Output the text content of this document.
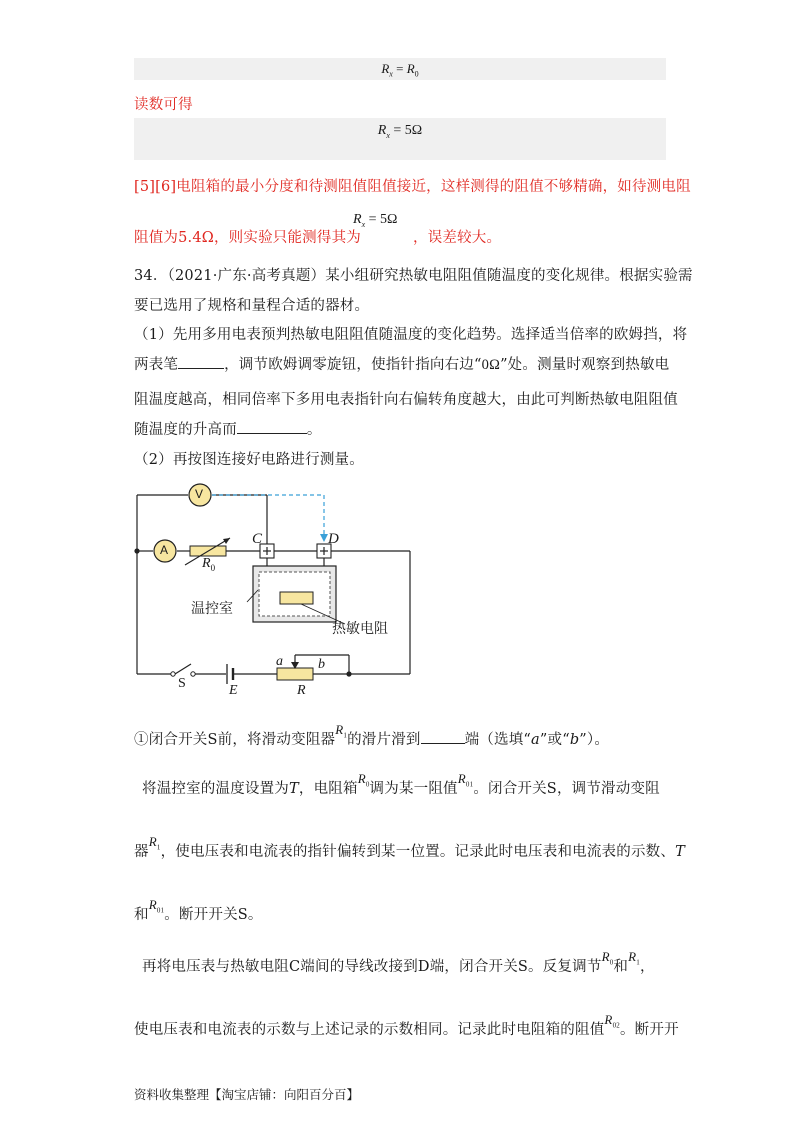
$R_x = R_0$
读数可得
$R_x = 5\Omega$
[5][6]电阻箱的最小分度和待测阻值阻值接近，这样测得的阻值不够精确，如待测电阻
阻值为5.4Ω，则实验只能测得其为
$R_x = 5\Omega$
，误差较大。
34．（2021·广东·高考真题）某小组研究热敏电阻阻值随温度的变化规律。根据实验需
要已选用了规格和量程合适的器材。
（1）先用多用电表预判热敏电阻阻值随温度的变化趋势。选择适当倍率的欧姆挡，将
两表笔	，调节欧姆调零旋钮，使指针指向右边“0Ω”处。测量时观察到热敏电
阻温度越高，相同倍率下多用电表指针向右偏转角度越大，由此可判断热敏电阻阻值
随温度的升高而	。
（2）再按图连接好电路进行测量。
V
A
C	D
$R_0$
温控室
热敏电阻
a	b
S	E	R
①闭合开关S前，将滑动变阻器$R_1$的滑片滑到	端（选填“a”或“b”）。
将温控室的温度设置为T，电阻箱$R_0$调为某一阻值$R_{01}$。闭合开关S，调节滑动变阻
器$R_1$，使电压表和电流表的指针偏转到某一位置。记录此时电压表和电流表的示数、T
和$R_{01}$。断开开关S。
再将电压表与热敏电阻C端间的导线改接到D端，闭合开关S。反复调节$R_0$和$R_1$，
使电压表和电流表的示数与上述记录的示数相同。记录此时电阻箱的阻值$R_{02}$。断开开
资料收集整理【淘宝店铺：向阳百分百】
